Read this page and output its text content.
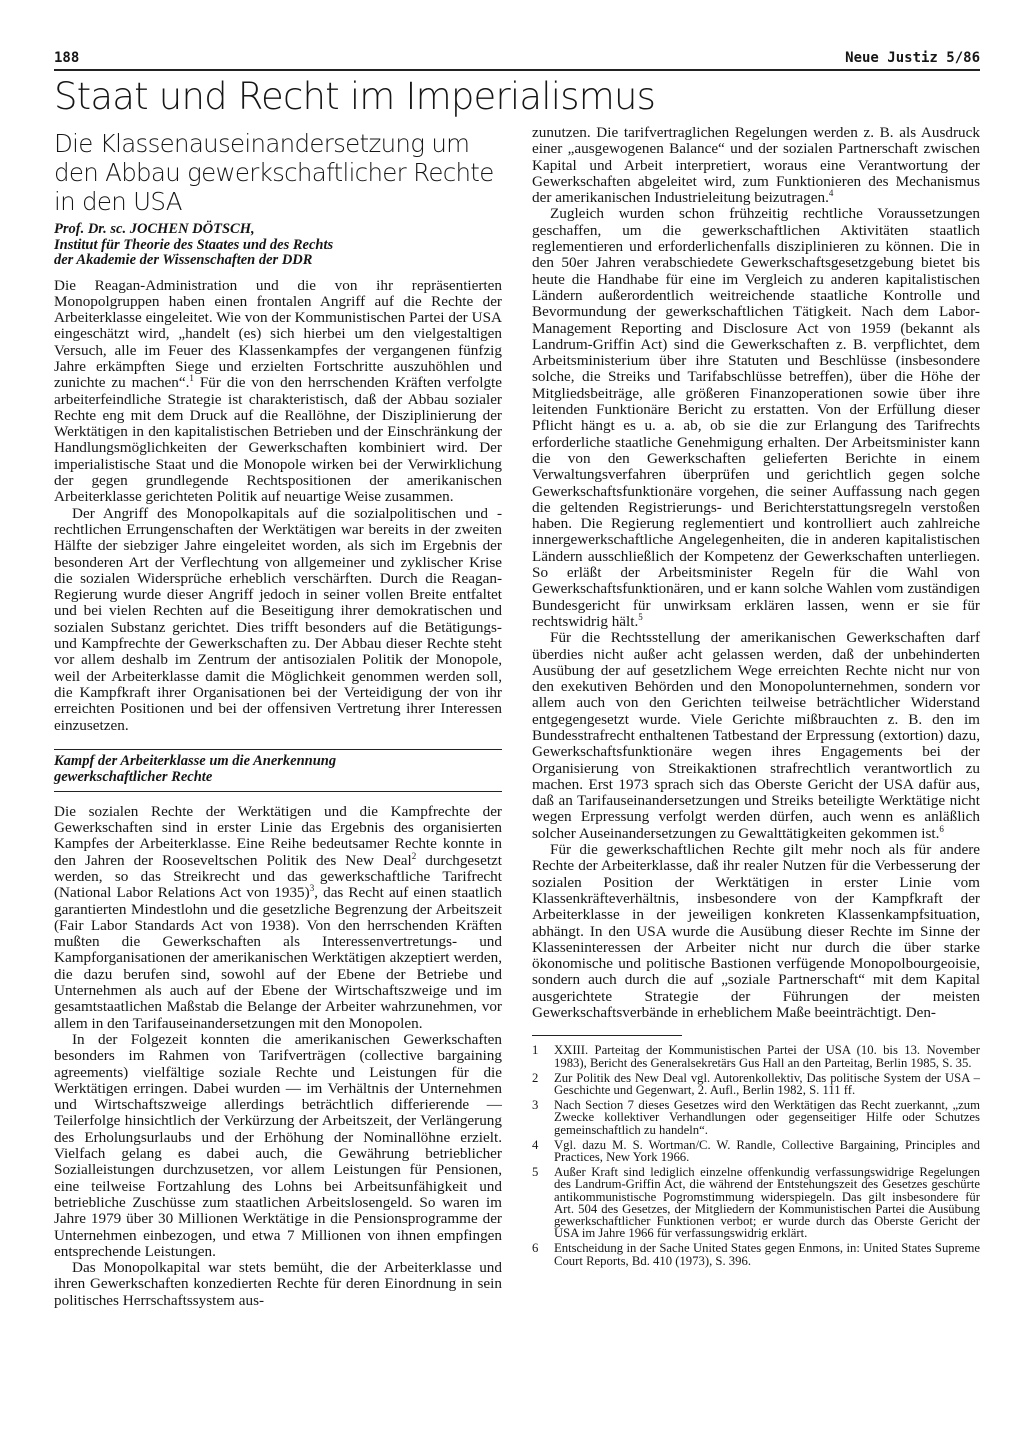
188	Neue Justiz 5/86
Staat und Recht im Imperialismus
Die Klassenauseinandersetzung um den Abbau gewerkschaftlicher Rechte in den USA
Prof. Dr. sc. JOCHEN DÖTSCH,
Institut für Theorie des Staates und des Rechts
der Akademie der Wissenschaften der DDR

Die Reagan-Administration und die von ihr repräsentierten Monopolgruppen haben einen frontalen Angriff auf die Rechte der Arbeiterklasse eingeleitet. Wie von der Kommunistischen Partei der USA eingeschätzt wird, „handelt (es) sich hierbei um den vielgestaltigen Versuch, alle im Feuer des Klassenkampfes der vergangenen fünfzig Jahre erkämpften Siege und erzielten Fortschritte auszuhöhlen und zunichte zu machen“.$^1$ Für die von den herrschenden Kräften verfolgte arbeiterfeindliche Strategie ist charakteristisch, daß der Abbau sozialer Rechte eng mit dem Druck auf die Reallöhne, der Disziplinierung der Werktätigen in den kapitalistischen Betrieben und der Einschränkung der Handlungsmöglichkeiten der Gewerkschaften kombiniert wird. Der imperialistische Staat und die Monopole wirken bei der Verwirklichung der gegen grundlegende Rechtspositionen der amerikanischen Arbeiterklasse gerichteten Politik auf neuartige Weise zusammen.

Der Angriff des Monopolkapitals auf die sozialpolitischen und -rechtlichen Errungenschaften der Werktätigen war bereits in der zweiten Hälfte der siebziger Jahre eingeleitet worden, als sich im Ergebnis der besonderen Art der Verflechtung von allgemeiner und zyklischer Krise die sozialen Widersprüche erheblich verschärften. Durch die Reagan-Regierung wurde dieser Angriff jedoch in seiner vollen Breite entfaltet und bei vielen Rechten auf die Beseitigung ihrer demokratischen und sozialen Substanz gerichtet. Dies trifft besonders auf die Betätigungs- und Kampfrechte der Gewerkschaften zu. Der Abbau dieser Rechte steht vor allem deshalb im Zentrum der antisozialen Politik der Monopole, weil der Arbeiterklasse damit die Möglichkeit genommen werden soll, die Kampfkraft ihrer Organisationen bei der Verteidigung der von ihr erreichten Positionen und bei der offensiven Vertretung ihrer Interessen einzusetzen.

Kampf der Arbeiterklasse um die Anerkennung
gewerkschaftlicher Rechte

Die sozialen Rechte der Werktätigen und die Kampfrechte der Gewerkschaften sind in erster Linie das Ergebnis des organisierten Kampfes der Arbeiterklasse. Eine Reihe bedeutsamer Rechte konnte in den Jahren der Rooseveltschen Politik des New Deal$^2$ durchgesetzt werden, so das Streikrecht und das gewerkschaftliche Tarifrecht (National Labor Relations Act von 1935)$^3$, das Recht auf einen staatlich garantierten Mindestlohn und die gesetzliche Begrenzung der Arbeitszeit (Fair Labor Standards Act von 1938). Von den herrschenden Kräften mußten die Gewerkschaften als Interessenvertretungs- und Kampforganisationen der amerikanischen Werktätigen akzeptiert werden, die dazu berufen sind, sowohl auf der Ebene der Betriebe und Unternehmen als auch auf der Ebene der Wirtschaftszweige und im gesamtstaatlichen Maßstab die Belange der Arbeiter wahrzunehmen, vor allem in den Tarifauseinandersetzungen mit den Monopolen.

In der Folgezeit konnten die amerikanischen Gewerkschaften besonders im Rahmen von Tarifverträgen (collective bargaining agreements) vielfältige soziale Rechte und Leistungen für die Werktätigen erringen. Dabei wurden — im Verhältnis der Unternehmen und Wirtschaftszweige allerdings beträchtlich differierende — Teilerfolge hinsichtlich der Verkürzung der Arbeitszeit, der Verlängerung des Erholungsurlaubs und der Erhöhung der Nominallöhne erzielt. Vielfach gelang es dabei auch, die Gewährung betrieblicher Sozialleistungen durchzusetzen, vor allem Leistungen für Pensionen, eine teilweise Fortzahlung des Lohns bei Arbeitsunfähigkeit und betriebliche Zuschüsse zum staatlichen Arbeitslosengeld. So waren im Jahre 1979 über 30 Millionen Werktätige in die Pensionsprogramme der Unternehmen einbezogen, und etwa 7 Millionen von ihnen empfingen entsprechende Leistungen.

Das Monopolkapital war stets bemüht, die der Arbeiterklasse und ihren Gewerkschaften konzedierten Rechte für deren Einordnung in sein politisches Herrschaftssystem aus-

zunutzen. Die tarifvertraglichen Regelungen werden z. B. als Ausdruck einer „ausgewogenen Balance“ und der sozialen Partnerschaft zwischen Kapital und Arbeit interpretiert, woraus eine Verantwortung der Gewerkschaften abgeleitet wird, zum Funktionieren des Mechanismus der amerikanischen Industrieleitung beizutragen.$^4$

Zugleich wurden schon frühzeitig rechtliche Voraussetzungen geschaffen, um die gewerkschaftlichen Aktivitäten staatlich reglementieren und erforderlichenfalls disziplinieren zu können. Die in den 50er Jahren verabschiedete Gewerkschaftsgesetzgebung bietet bis heute die Handhabe für eine im Vergleich zu anderen kapitalistischen Ländern außerordentlich weitreichende staatliche Kontrolle und Bevormundung der gewerkschaftlichen Tätigkeit. Nach dem Labor-Management Reporting and Disclosure Act von 1959 (bekannt als Landrum-Griffin Act) sind die Gewerkschaften z. B. verpflichtet, dem Arbeitsministerium über ihre Statuten und Beschlüsse (insbesondere solche, die Streiks und Tarifabschlüsse betreffen), über die Höhe der Mitgliedsbeiträge, alle größeren Finanzoperationen sowie über ihre leitenden Funktionäre Bericht zu erstatten. Von der Erfüllung dieser Pflicht hängt es u. a. ab, ob sie die zur Erlangung des Tarifrechts erforderliche staatliche Genehmigung erhalten. Der Arbeitsminister kann die von den Gewerkschaften gelieferten Berichte in einem Verwaltungsverfahren überprüfen und gerichtlich gegen solche Gewerkschaftsfunktionäre vorgehen, die seiner Auffassung nach gegen die geltenden Registrierungs- und Berichterstattungsregeln verstoßen haben. Die Regierung reglementiert und kontrolliert auch zahlreiche innergewerkschaftliche Angelegenheiten, die in anderen kapitalistischen Ländern ausschließlich der Kompetenz der Gewerkschaften unterliegen. So erläßt der Arbeitsminister Regeln für die Wahl von Gewerkschaftsfunktionären, und er kann solche Wahlen vom zuständigen Bundesgericht für unwirksam erklären lassen, wenn er sie für rechtswidrig hält.$^5$

Für die Rechtsstellung der amerikanischen Gewerkschaften darf überdies nicht außer acht gelassen werden, daß der unbehinderten Ausübung der auf gesetzlichem Wege erreichten Rechte nicht nur von den exekutiven Behörden und den Monopolunternehmen, sondern vor allem auch von den Gerichten teilweise beträchtlicher Widerstand entgegengesetzt wurde. Viele Gerichte mißbrauchten z. B. den im Bundesstrafrecht enthaltenen Tatbestand der Erpressung (extortion) dazu, Gewerkschaftsfunktionäre wegen ihres Engagements bei der Organisierung von Streikaktionen strafrechtlich verantwortlich zu machen. Erst 1973 sprach sich das Oberste Gericht der USA dafür aus, daß an Tarifauseinandersetzungen und Streiks beteiligte Werktätige nicht wegen Erpressung verfolgt werden dürfen, auch wenn es anläßlich solcher Auseinandersetzungen zu Gewalttätigkeiten gekommen ist.$^6$

Für die gewerkschaftlichen Rechte gilt mehr noch als für andere Rechte der Arbeiterklasse, daß ihr realer Nutzen für die Verbesserung der sozialen Position der Werktätigen in erster Linie vom Klassenkräfteverhältnis, insbesondere von der Kampfkraft der Arbeiterklasse in der jeweiligen konkreten Klassenkampfsituation, abhängt. In den USA wurde die Ausübung dieser Rechte im Sinne der Klasseninteressen der Arbeiter nicht nur durch die über starke ökonomische und politische Bastionen verfügende Monopolbourgeoisie, sondern auch durch die auf „soziale Partnerschaft“ mit dem Kapital ausgerichtete Strategie der Führungen der meisten Gewerkschaftsverbände in erheblichem Maße beeinträchtigt. Den-

1	XXIII. Parteitag der Kommunistischen Partei der USA (10. bis 13. November 1983), Bericht des Generalsekretärs Gus Hall an den Parteitag, Berlin 1985, S. 35.
2	Zur Politik des New Deal vgl. Autorenkollektiv, Das politische System der USA – Geschichte und Gegenwart, 2. Aufl., Berlin 1982, S. 111 ff.
3	Nach Section 7 dieses Gesetzes wird den Werktätigen das Recht zuerkannt, „zum Zwecke kollektiver Verhandlungen oder gegenseitiger Hilfe oder Schutzes gemeinschaftlich zu handeln“.
4	Vgl. dazu M. S. Wortman/C. W. Randle, Collective Bargaining, Principles and Practices, New York 1966.
5	Außer Kraft sind lediglich einzelne offenkundig verfassungswidrige Regelungen des Landrum-Griffin Act, die während der Entstehungszeit des Gesetzes geschürte antikommunistische Pogromstimmung widerspiegeln. Das gilt insbesondere für Art. 504 des Gesetzes, der Mitgliedern der Kommunistischen Partei die Ausübung gewerkschaftlicher Funktionen verbot; er wurde durch das Oberste Gericht der USA im Jahre 1966 für verfassungswidrig erklärt.
6	Entscheidung in der Sache United States gegen Enmons, in: United States Supreme Court Reports, Bd. 410 (1973), S. 396.
